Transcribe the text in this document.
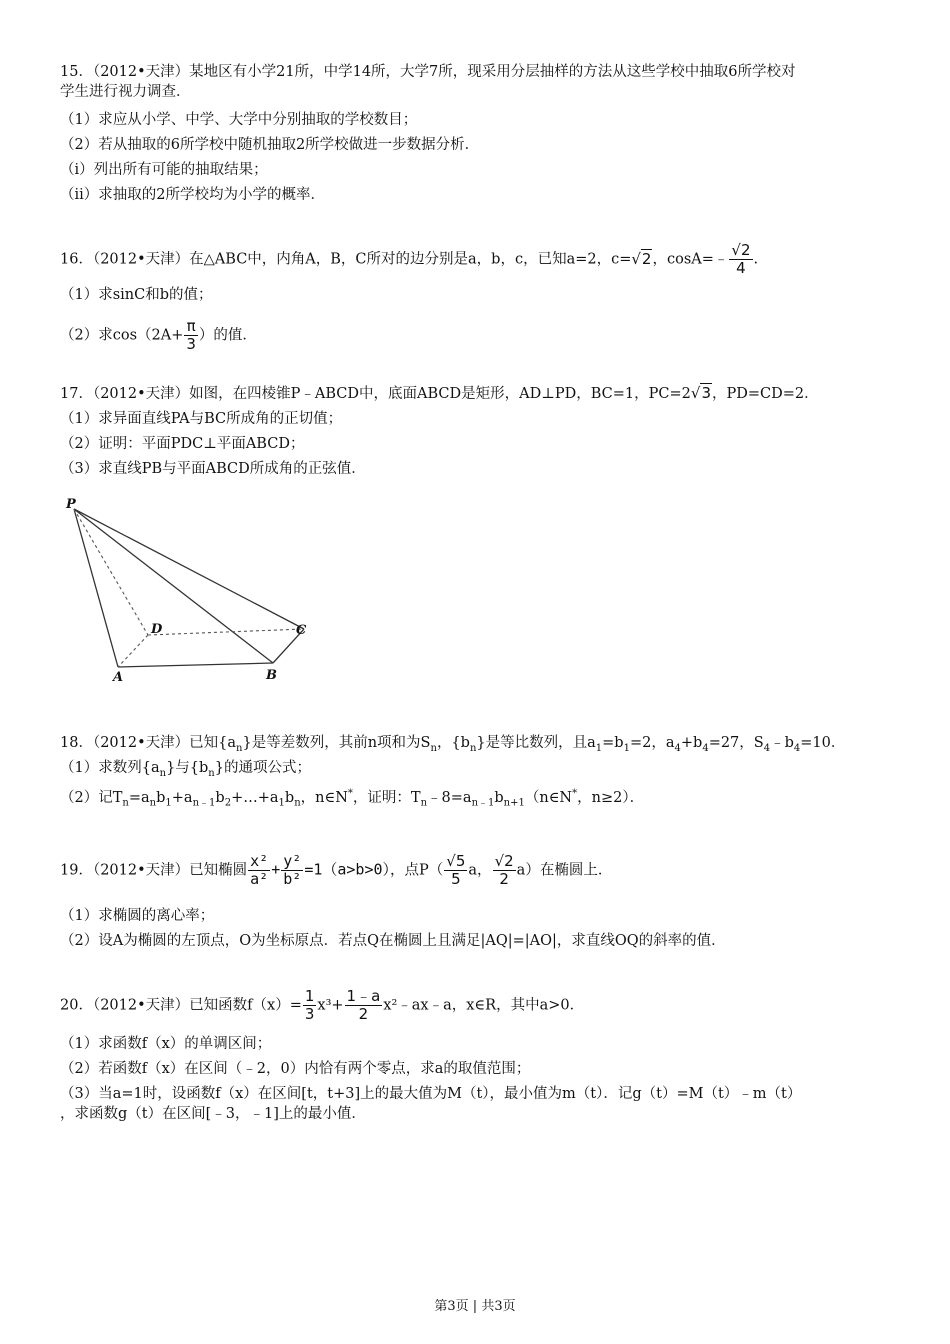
15．（2012•天津）某地区有小学21所，中学14所，大学7所，现采用分层抽样的方法从这些学校中抽取6所学校对
学生进行视力调查．
（1）求应从小学、中学、大学中分别抽取的学校数目；
（2）若从抽取的6所学校中随机抽取2所学校做进一步数据分析．
（ⅰ）列出所有可能的抽取结果；
（ⅱ）求抽取的2所学校均为小学的概率．
16．（2012•天津）在△ABC中，内角A，B，C所对的边分别是a，b，c，已知a=2，c=√2，cosA=﹣ $\frac{√2}{4}$ .
（1）求sinC和b的值；
（2）求$\cos(2A+ \frac{\pi}{3}$ ）的值．
17．（2012•天津）如图，在四棱锥P﹣ABCD中，底面ABCD是矩形，AD⊥PD，BC=1，PC=2√3，PD=CD=2．
（1）求异面直线PA与BC所成角的正切值；
（2）证明：平面PDC⊥平面ABCD；
（3）求直线PB与平面ABCD所成角的正弦值．
P
D	C
A	B
18．（2012•天津）已知$\{a_n\}$是等差数列，其前n项和为$S_n$，$\{b_n\}$是等比数列，且$a_1=b_1=2$，$a_4+b_4=27$，$S_4﹣b_4=10$．
（1）求数列$\{a_n\}$与$\{b_n\}$的通项公式；
（2）记$T_n=a_nb_1+a_{n﹣1}b_2+\dots+a_1b_n$，n∈N*，证明：$T_n﹣8=a_{n﹣1}b_{n+1}(n\in N^*$，n≥2）．
19．（2012•天津）已知椭圆 $\frac{\text{x²}}{\text{a²}} + \frac{\text{y²}}{\text{b²}} =1(a>b>0)$，点$P( \frac{√5}{5}$ a， $\frac{√2}{2} a$）在椭圆上．
（1）求椭圆的离心率；
（2）设A为椭圆的左顶点，O为坐标原点．若点Q在椭圆上且满足|AQ|=|AO|，求直线OQ的斜率的值．
20．（2012•天津）已知函数$f(x)= \frac{1}{3} x^3+ \frac{1﹣a}{2}$ x²﹣ax﹣a，x∈R，其中a>0．
（1）求函数f（x）的单调区间；
（2）若函数f（x）在区间（﹣2，0）内恰有两个零点，求a的取值范围；
（3）当a=1时，设函数f（x）在区间[t，t+3]上的最大值为M（t），最小值为m（t）．记g（t）=M（t）﹣m（t）
，求函数g（t）在区间[﹣3，﹣1]上的最小值．
第3页 | 共3页
